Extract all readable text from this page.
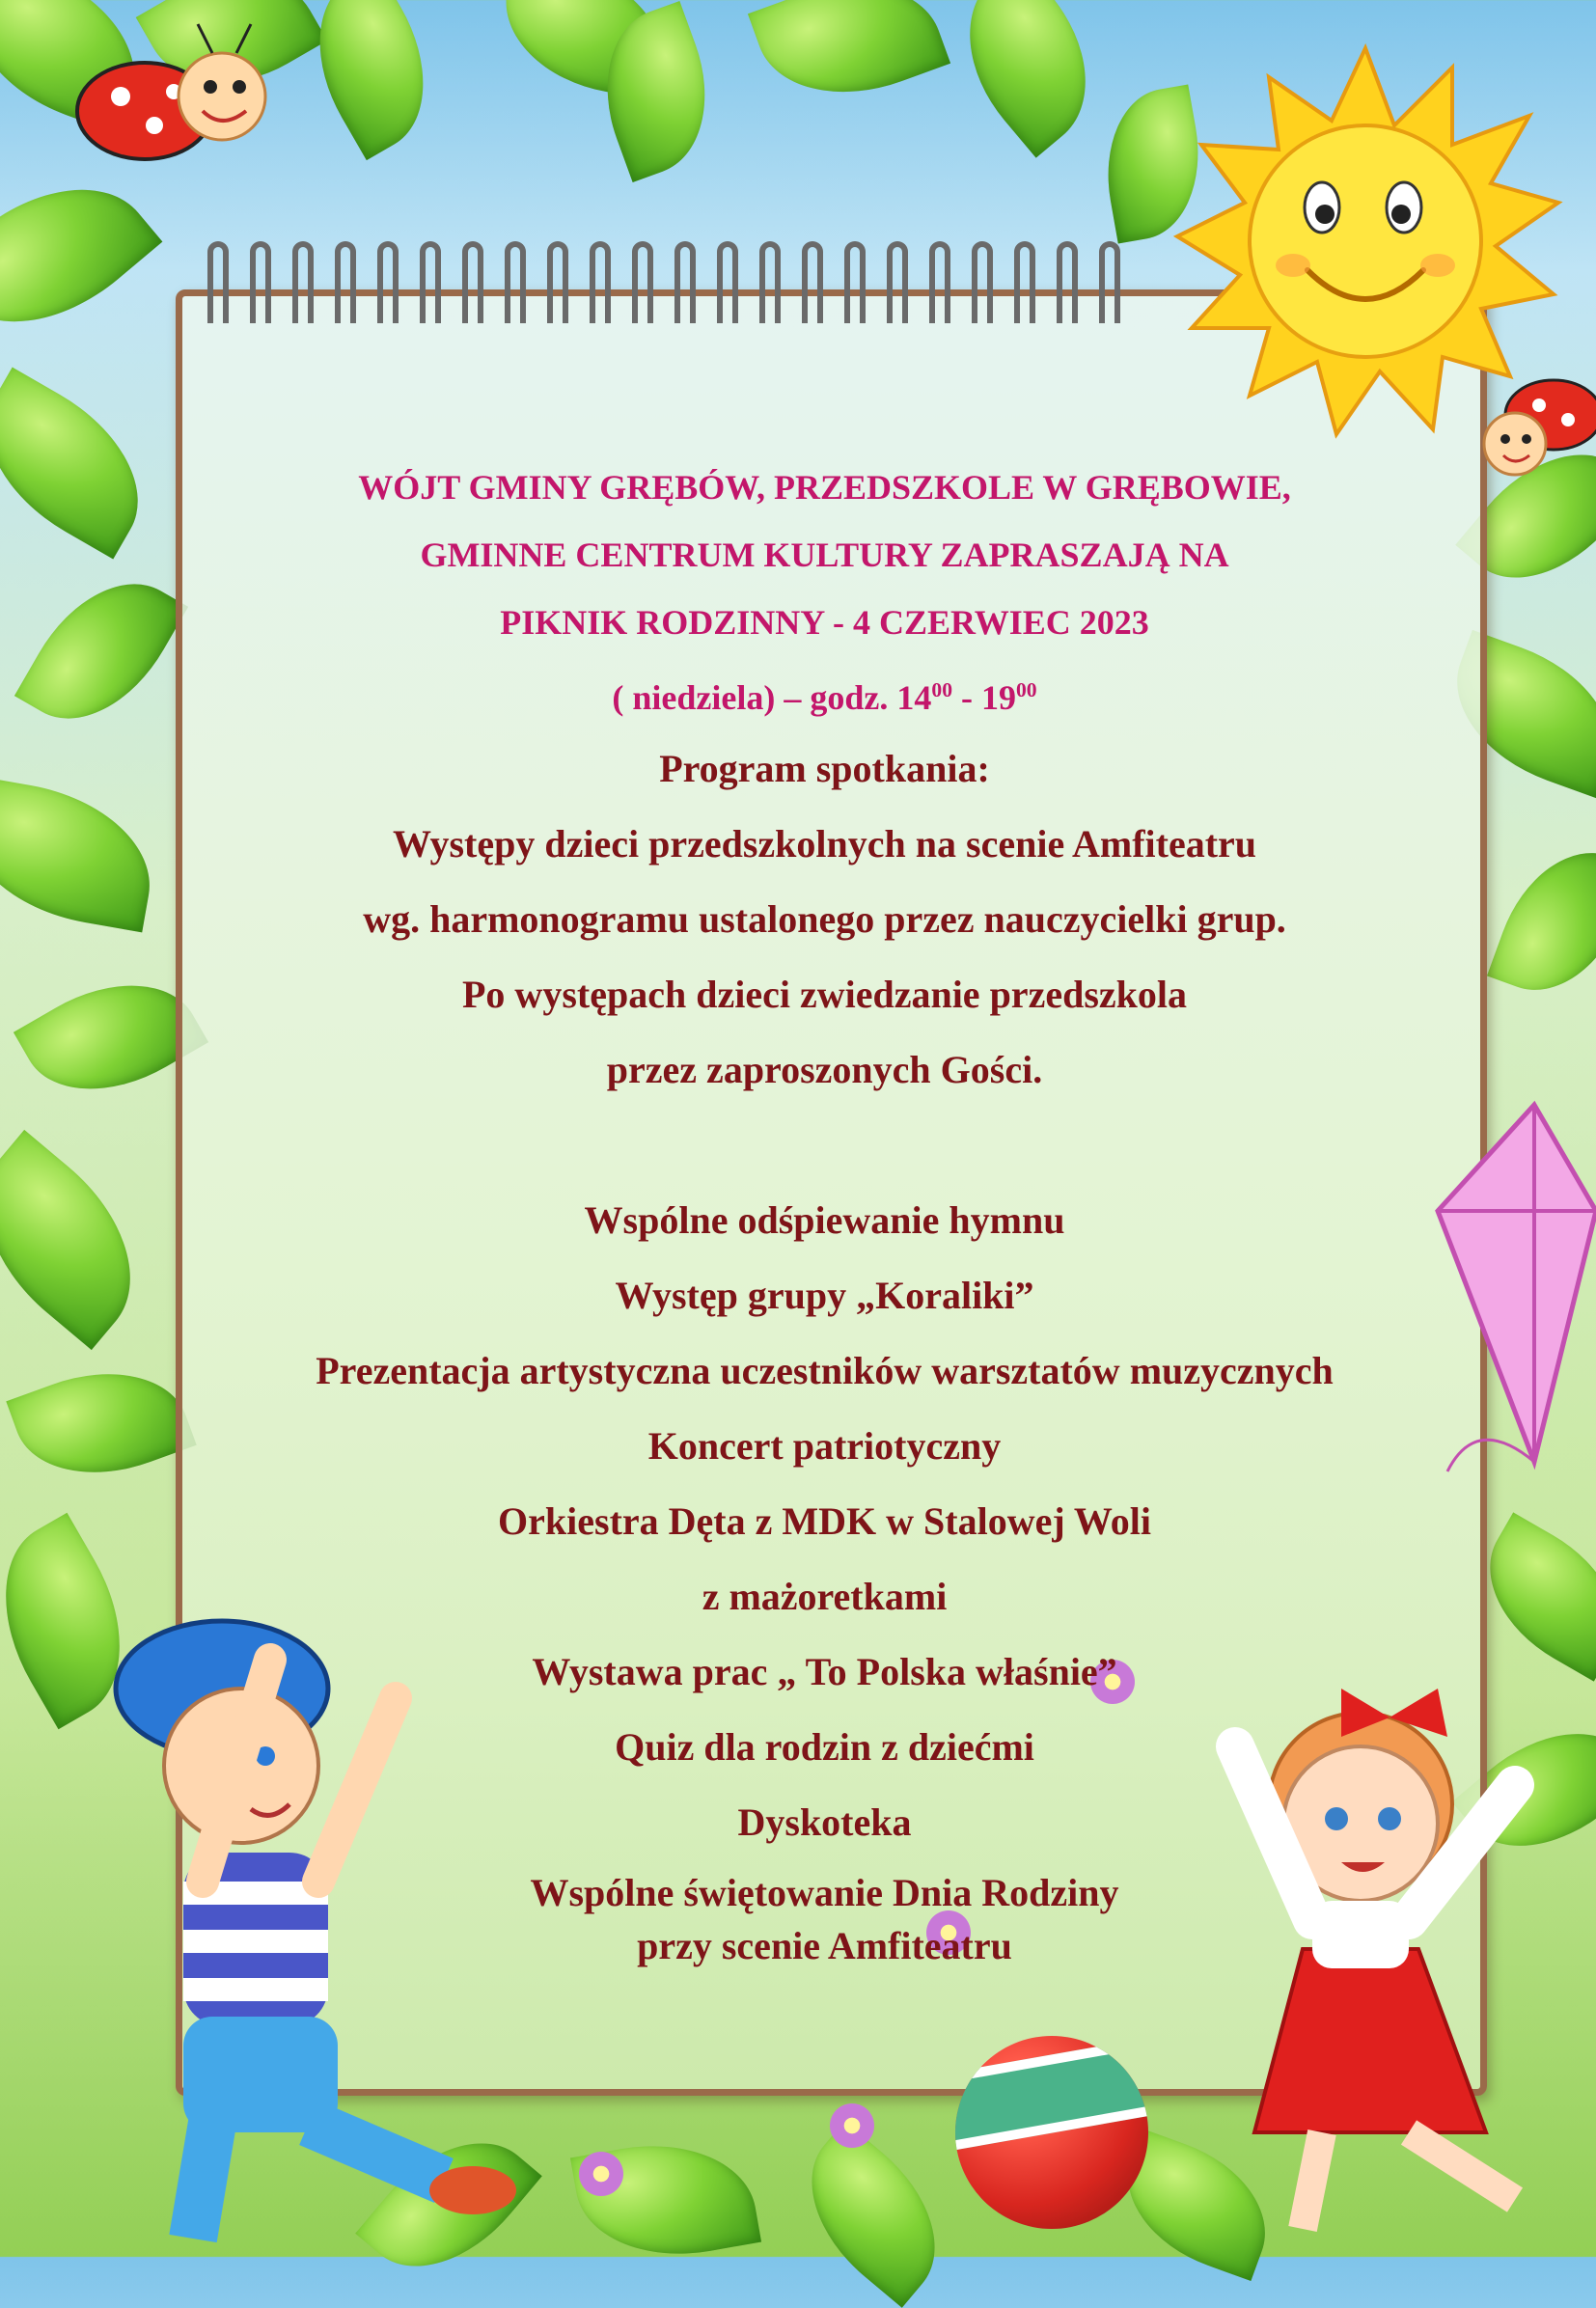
WÓJT GMINY GRĘBÓW, PRZEDSZKOLE W GRĘBOWIE,

GMINNE CENTRUM KULTURY ZAPRASZAJĄ NA

PIKNIK RODZINNY - 4 CZERWIEC 2023

( niedziela) – godz. $14^{00} - 19^{00}$

Program spotkania:

Występy dzieci przedszkolnych na scenie Amfiteatru

wg. harmonogramu ustalonego przez nauczycielki grup.

Po występach dzieci zwiedzanie przedszkola

przez zaproszonych Gości.

Wspólne odśpiewanie hymnu

Występ grupy „Koraliki”

Prezentacja artystyczna uczestników warsztatów muzycznych

Koncert patriotyczny

Orkiestra Dęta z MDK w Stalowej Woli

z mażoretkami

Wystawa prac „ To Polska właśnie”

Quiz dla rodzin z dziećmi

Dyskoteka

Wspólne świętowanie Dnia Rodziny

przy scenie Amfiteatru
